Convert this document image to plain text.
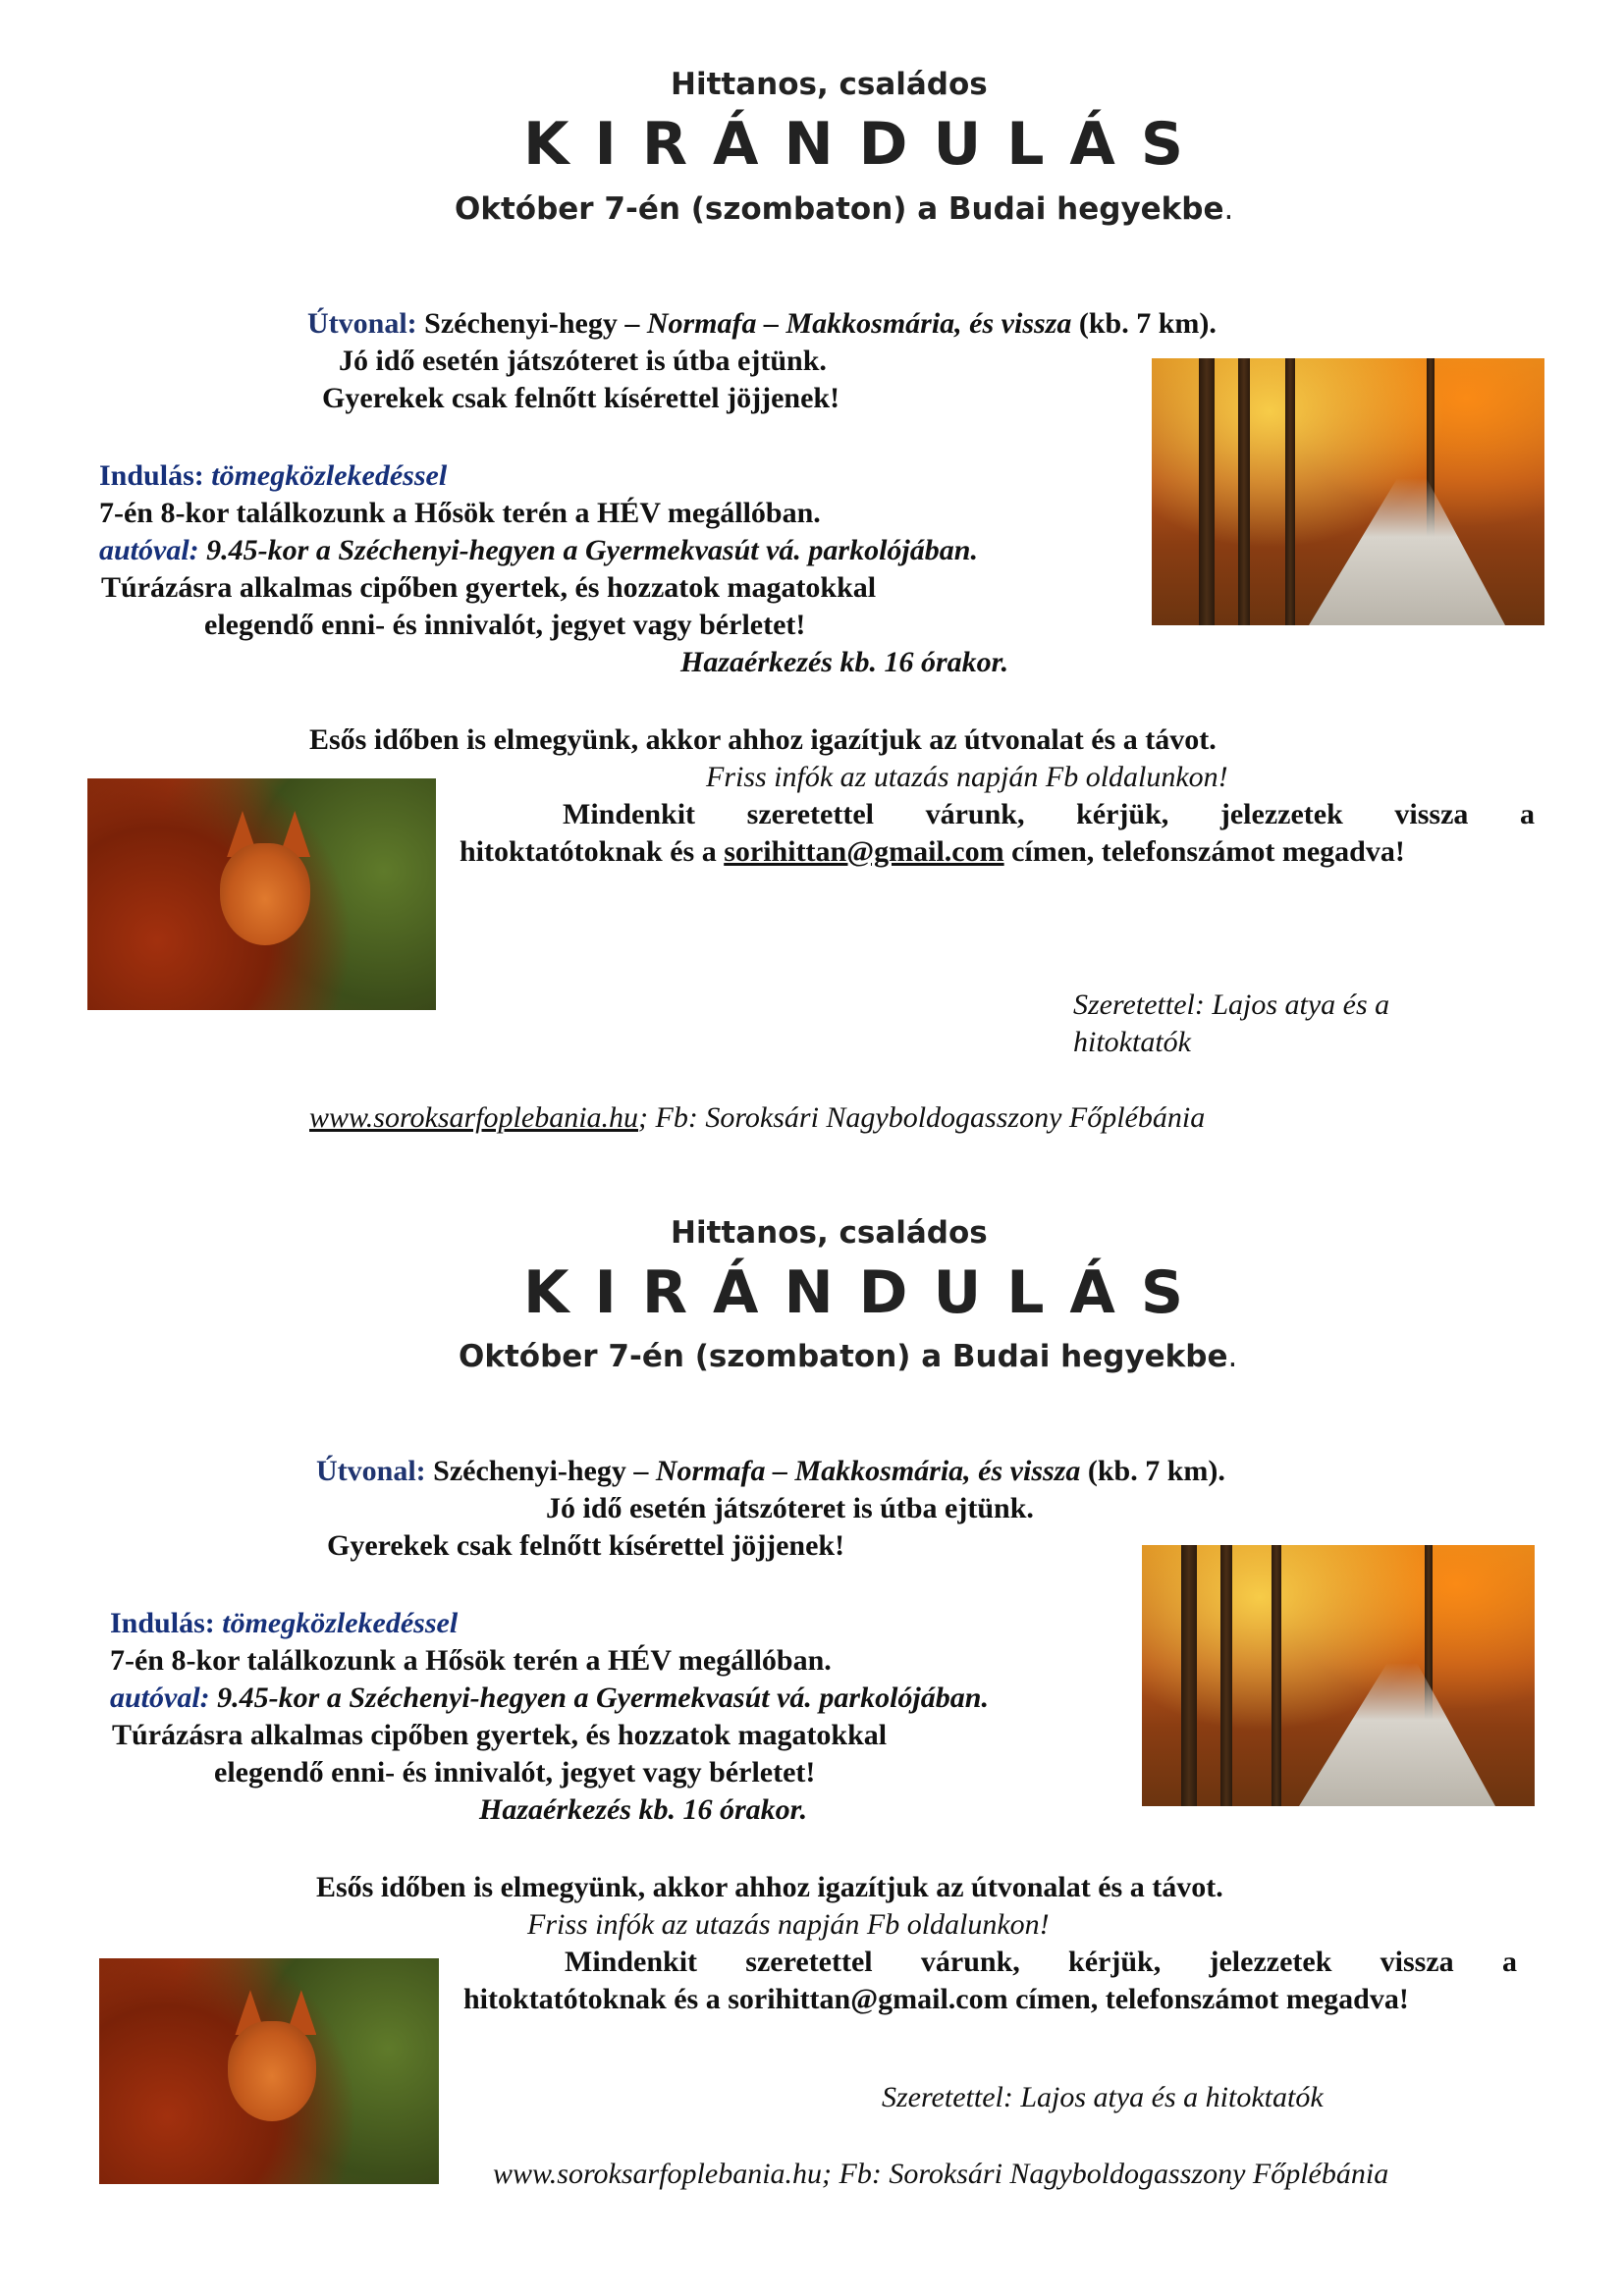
Hittanos, családos
KIRÁNDULÁS
Október 7-én (szombaton) a Budai hegyekbe.
Útvonal: Széchenyi-hegy – Normafa – Makkosmária, és vissza (kb. 7 km).
Jó idő esetén játszóteret is útba ejtünk.
Gyerekek csak felnőtt kísérettel jöjjenek!
Indulás: tömegközlekedéssel
7-én 8-kor találkozunk a Hősök terén a HÉV megállóban.
autóval: 9.45-kor a Széchenyi-hegyen a Gyermekvasút vá. parkolójában.
Túrázásra alkalmas cipőben gyertek, és hozzatok magatokkal
elegendő enni- és innivalót, jegyet vagy bérletet!
Hazaérkezés kb. 16 órakor.
Esős időben is elmegyünk, akkor ahhoz igazítjuk az útvonalat és a távot.
Friss infók az utazás napján Fb oldalunkon!
Mindenkit szeretettel várunk, kérjük, jelezzetek vissza a
hitoktatótoknak és a sorihittan@gmail.com címen, telefonszámot megadva!
Szeretettel: Lajos atya és a
hitoktatók
www.soroksarfoplebania.hu; Fb: Soroksári Nagyboldogasszony Főplébánia
Hittanos, családos
KIRÁNDULÁS
Október 7-én (szombaton) a Budai hegyekbe.
Útvonal: Széchenyi-hegy – Normafa – Makkosmária, és vissza (kb. 7 km).
Jó idő esetén játszóteret is útba ejtünk.
Gyerekek csak felnőtt kísérettel jöjjenek!
Indulás: tömegközlekedéssel
7-én 8-kor találkozunk a Hősök terén a HÉV megállóban.
autóval: 9.45-kor a Széchenyi-hegyen a Gyermekvasút vá. parkolójában.
Túrázásra alkalmas cipőben gyertek, és hozzatok magatokkal
elegendő enni- és innivalót, jegyet vagy bérletet!
Hazaérkezés kb. 16 órakor.
Esős időben is elmegyünk, akkor ahhoz igazítjuk az útvonalat és a távot.
Friss infók az utazás napján Fb oldalunkon!
Mindenkit szeretettel várunk, kérjük, jelezzetek vissza a
hitoktatótoknak és a sorihittan@gmail.com címen, telefonszámot megadva!
Szeretettel: Lajos atya és a hitoktatók
www.soroksarfoplebania.hu; Fb: Soroksári Nagyboldogasszony Főplébánia
